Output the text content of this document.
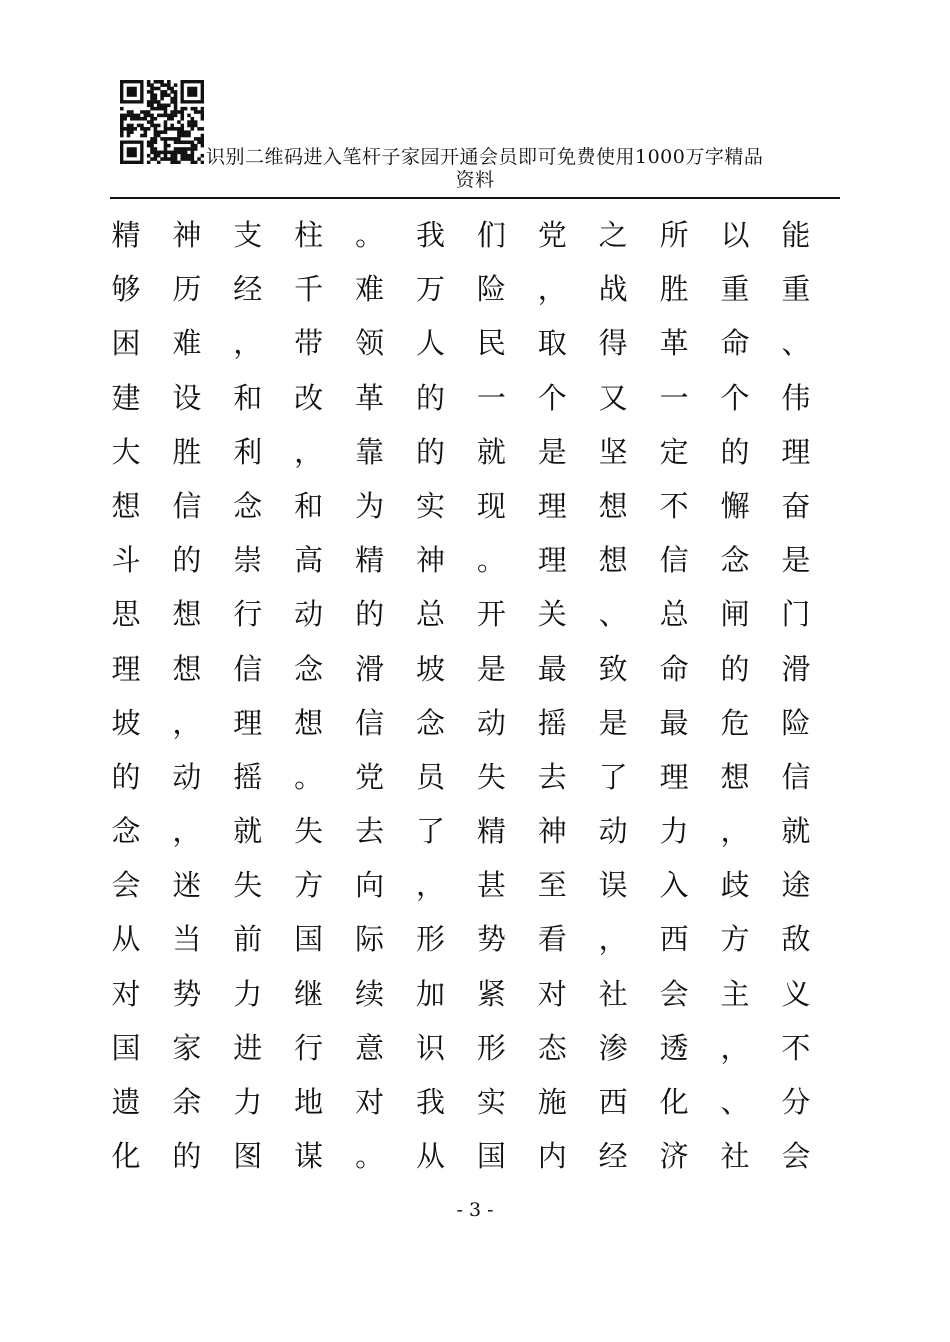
识别二维码进入笔杆子家园开通会员即可免费使用1000万字精品
资料
精 神 支 柱 。 我 们 党 之 所 以 能
够 历 经 千 难 万 险 ， 战 胜 重 重
困 难 ， 带 领 人 民 取 得 革 命 、
建 设 和 改 革 的 一 个 又 一 个 伟
大 胜 利 ， 靠 的 就 是 坚 定 的 理
想 信 念 和 为 实 现 理 想 不 懈 奋
斗 的 崇 高 精 神 。 理 想 信 念 是
思 想 行 动 的 总 开 关 、 总 闸 门
理 想 信 念 滑 坡 是 最 致 命 的 滑
坡 ， 理 想 信 念 动 摇 是 最 危 险
的 动 摇 。 党 员 失 去 了 理 想 信
念 ， 就 失 去 了 精 神 动 力 ， 就
会 迷 失 方 向 ， 甚 至 误 入 歧 途
从 当 前 国 际 形 势 看 ， 西 方 敌
对 势 力 继 续 加 紧 对 社 会 主 义
国 家 进 行 意 识 形 态 渗 透 ， 不
遗 余 力 地 对 我 实 施 西 化 、 分
化 的 图 谋 。 从 国 内 经 济 社 会
- 3 -
